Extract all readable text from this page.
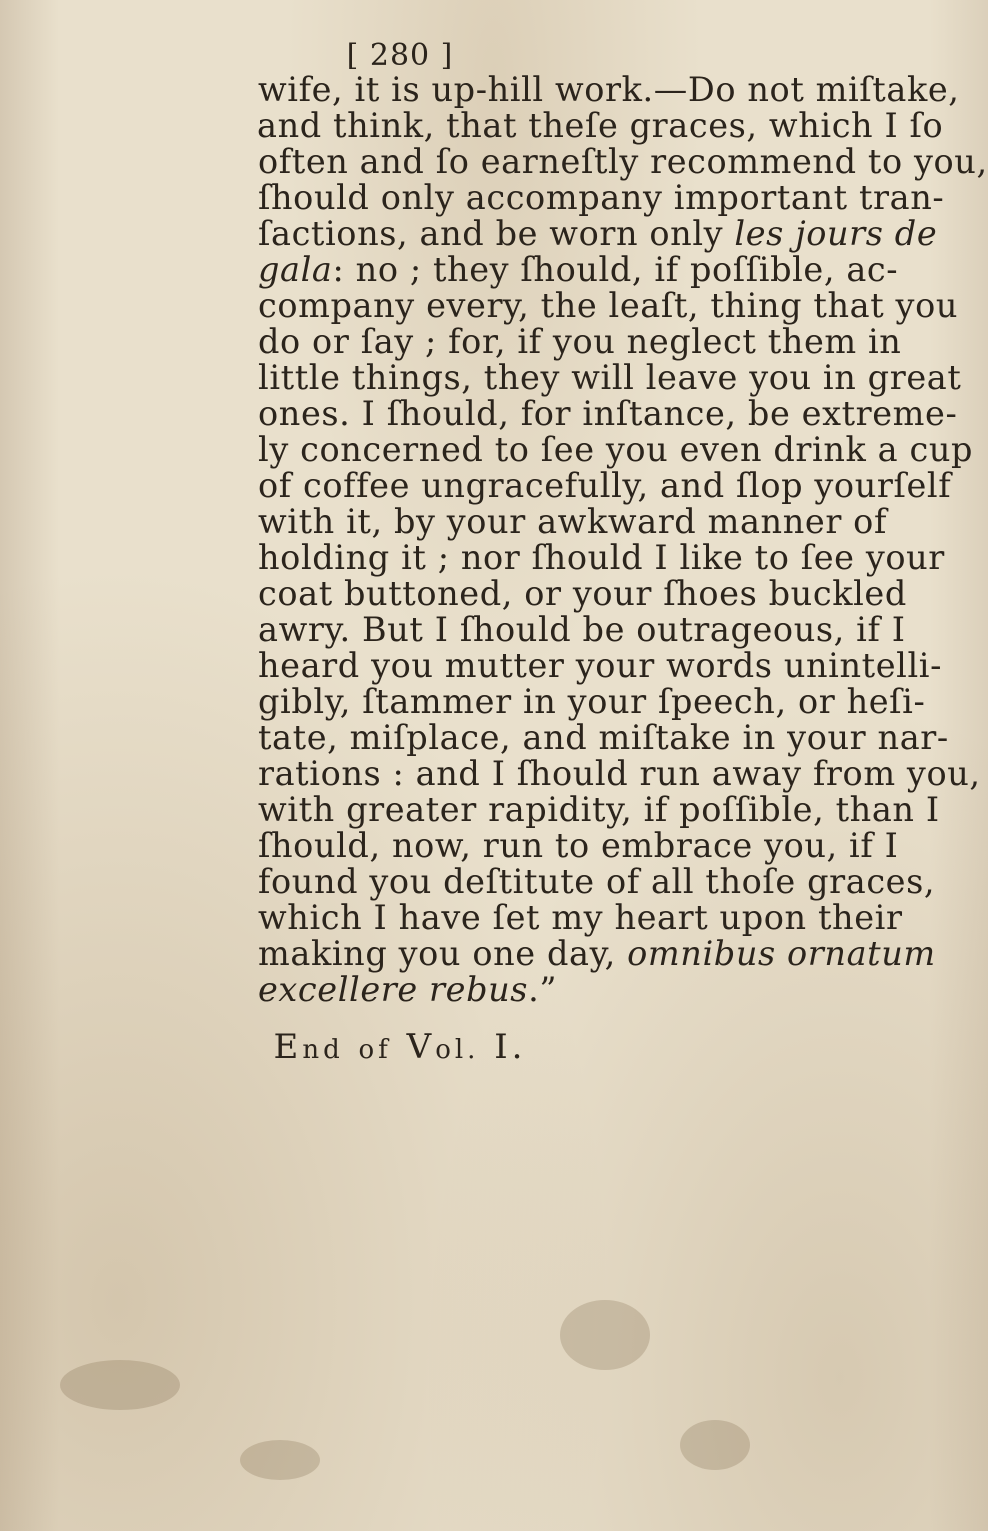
[ 280 ]
wife, it is up-hill work.—Do not miſtake,
and think, that theſe graces, which I ſo
often and ſo earneſtly recommend to you,
ſhould only accompany important tran-
ſactions, and be worn only les jours de
gala: no ; they ſhould, if poſſible, ac-
company every, the leaſt, thing that you
do or ſay ; for, if you neglect them in
little things, they will leave you in great
ones. I ſhould, for inſtance, be extreme-
ly concerned to ſee you even drink a cup
of coffee ungracefully, and ſlop yourſelf
with it, by your awkward manner of
holding it ; nor ſhould I like to ſee your
coat buttoned, or your ſhoes buckled
awry. But I ſhould be outrageous, if I
heard you mutter your words unintelli-
gibly, ſtammer in your ſpeech, or heſi-
tate, miſplace, and miſtake in your nar-
rations : and I ſhould run away from you,
with greater rapidity, if poſſible, than I
ſhould, now, run to embrace you, if I
found you deſtitute of all thoſe graces,
which I have ſet my heart upon their
making you one day, omnibus ornatum
excellere rebus.”
End of Vol. I.
